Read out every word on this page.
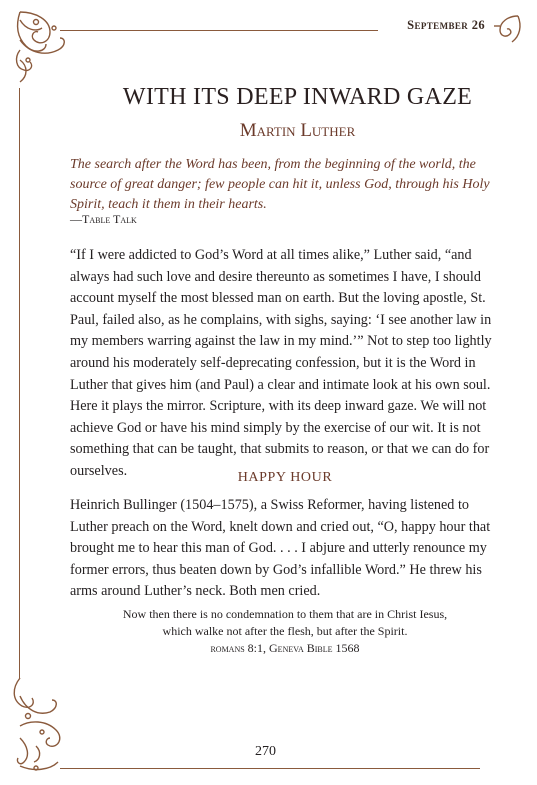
September 26
WITH ITS DEEP INWARD GAZE
Martin Luther
The search after the Word has been, from the beginning of the world, the source of great danger; few people can hit it, unless God, through his Holy Spirit, teach it them in their hearts.
—Table Talk

“If I were addicted to God’s Word at all times alike,” Luther said, “and always had such love and desire thereunto as sometimes I have, I should account myself the most blessed man on earth. But the loving apostle, St. Paul, failed also, as he complains, with sighs, saying: ‘I see another law in my members warring against the law in my mind.’” Not to step too lightly around his moderately self-deprecating confession, but it is the Word in Luther that gives him (and Paul) a clear and intimate look at his own soul. Here it plays the mirror. Scripture, with its deep inward gaze. We will not achieve God or have his mind simply by the exercise of our wit. It is not something that can be taught, that submits to reason, or that we can do for ourselves.	HAPPY HOUR

Heinrich Bullinger (1504–1575), a Swiss Reformer, having listened to Luther preach on the Word, knelt down and cried out, “O, happy hour that brought me to hear this man of God. . . . I abjure and utterly renounce my former errors, thus beaten down by God’s infallible Word.” He threw his arms around Luther’s neck. Both men cried.

Now then there is no condemnation to them that are in Christ Iesus,
which walke not after the flesh, but after the Spirit.
romans 8:1, Geneva Bible 1568
270
